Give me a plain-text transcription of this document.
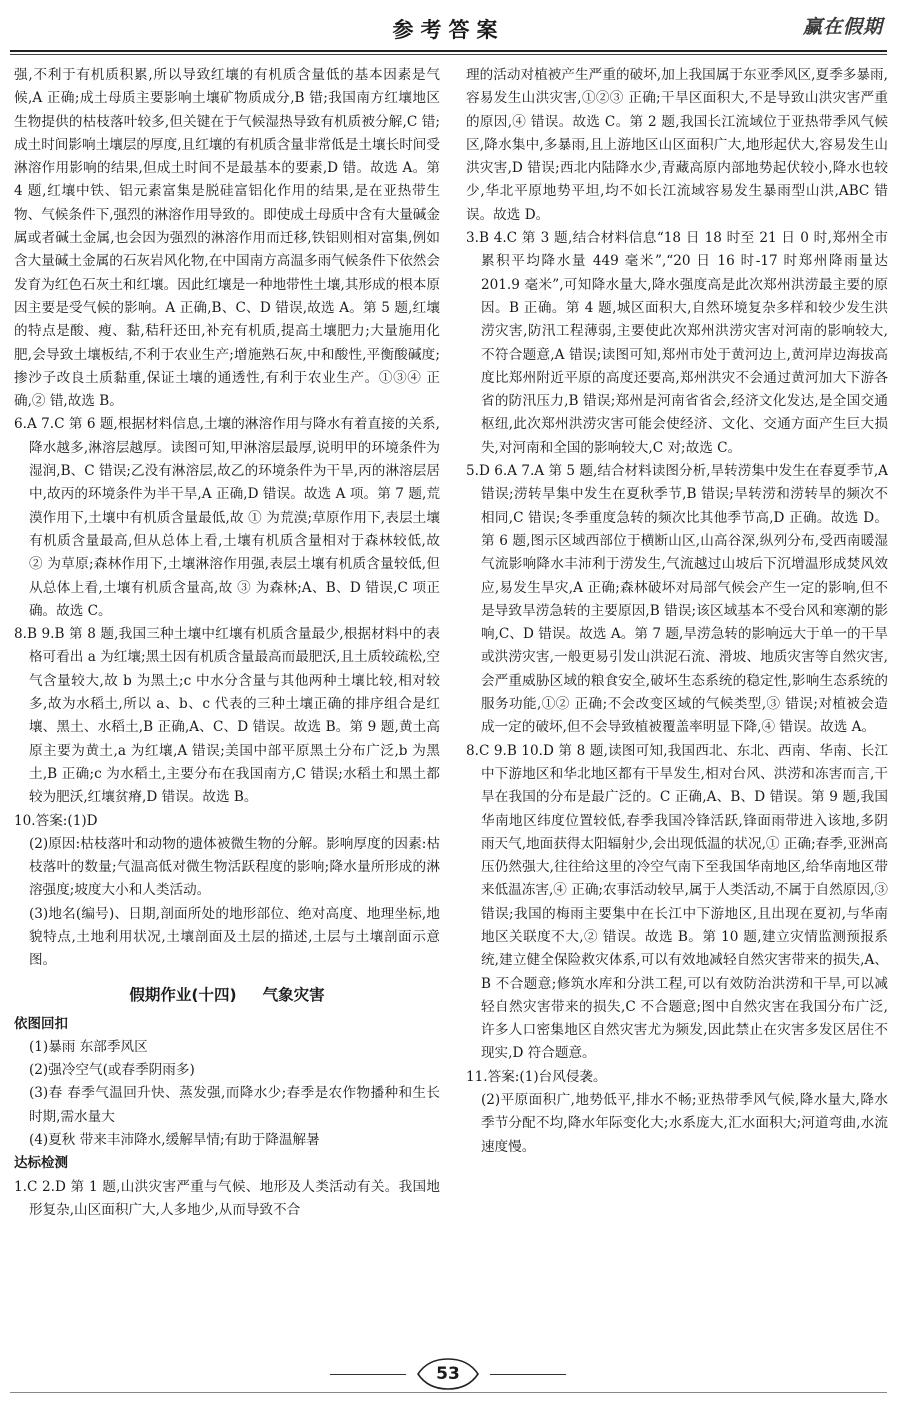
参考答案	赢在假期

强,不利于有机质积累,所以导致红壤的有机质含量低的基本因素是气候,A 正确;成土母质主要影响土壤矿物质成分,B 错;我国南方红壤地区生物提供的枯枝落叶较多,但关键在于气候湿热导致有机质被分解,C 错;成土时间影响土壤层的厚度,且红壤的有机质含量非常低是土壤长时间受淋溶作用影响的结果,但成土时间不是最基本的要素,D 错。故选 A。第 4 题,红壤中铁、铝元素富集是脱硅富铝化作用的结果,是在亚热带生物、气候条件下,强烈的淋溶作用导致的。即使成土母质中含有大量碱金属或者碱土金属,也会因为强烈的淋溶作用而迁移,铁铝则相对富集,例如含大量碱土金属的石灰岩风化物,在中国南方高温多雨气候条件下依然会发育为红色石灰土和红壤。因此红壤是一种地带性土壤,其形成的根本原因主要是受气候的影响。A 正确,B、C、D 错误,故选 A。第 5 题,红壤的特点是酸、瘦、黏,秸秆还田,补充有机质,提高土壤肥力;大量施用化肥,会导致土壤板结,不利于农业生产;增施熟石灰,中和酸性,平衡酸碱度;掺沙子改良土质黏重,保证土壤的通透性,有利于农业生产。①③④ 正确,② 错,故选 B。

6.A 7.C 第 6 题,根据材料信息,土壤的淋溶作用与降水有着直接的关系,降水越多,淋溶层越厚。读图可知,甲淋溶层最厚,说明甲的环境条件为湿润,B、C 错误;乙没有淋溶层,故乙的环境条件为干旱,丙的淋溶层居中,故丙的环境条件为半干旱,A 正确,D 错误。故选 A 项。第 7 题,荒漠作用下,土壤中有机质含量最低,故 ① 为荒漠;草原作用下,表层土壤有机质含量最高,但从总体上看,土壤有机质含量相对于森林较低,故 ② 为草原;森林作用下,土壤淋溶作用强,表层土壤有机质含量较低,但从总体上看,土壤有机质含量高,故 ③ 为森林;A、B、D 错误,C 项正确。故选 C。

8.B 9.B 第 8 题,我国三种土壤中红壤有机质含量最少,根据材料中的表格可看出 a 为红壤;黑土因有机质含量最高而最肥沃,且土质较疏松,空气含量较大,故 b 为黑土;c 中水分含量与其他两种土壤比较,相对较多,故为水稻土,所以 a、b、c 代表的三种土壤正确的排序组合是红壤、黑土、水稻土,B 正确,A、C、D 错误。故选 B。第 9 题,黄土高原主要为黄土,a 为红壤,A 错误;美国中部平原黑土分布广泛,b 为黑土,B 正确;c 为水稻土,主要分布在我国南方,C 错误;水稻土和黑土都较为肥沃,红壤贫瘠,D 错误。故选 B。

10.答案:(1)D

(2)原因:枯枝落叶和动物的遗体被微生物的分解。影响厚度的因素:枯枝落叶的数量;气温高低对微生物活跃程度的影响;降水量所形成的淋溶强度;坡度大小和人类活动。

(3)地名(编号)、日期,剖面所处的地形部位、绝对高度、地理坐标,地貌特点,土地利用状况,土壤剖面及土层的描述,土层与土壤剖面示意图。

假期作业(十四) 气象灾害

依图回扣

(1)暴雨 东部季风区

(2)强冷空气(或春季阴雨多)

(3)春 春季气温回升快、蒸发强,而降水少;春季是农作物播种和生长时期,需水量大

(4)夏秋 带来丰沛降水,缓解旱情;有助于降温解暑

达标检测

1.C 2.D 第 1 题,山洪灾害严重与气候、地形及人类活动有关。我国地形复杂,山区面积广大,人多地少,从而导致不合

理的活动对植被产生严重的破坏,加上我国属于东亚季风区,夏季多暴雨,容易发生山洪灾害,①②③ 正确;干旱区面积大,不是导致山洪灾害严重的原因,④ 错误。故选 C。第 2 题,我国长江流域位于亚热带季风气候区,降水集中,多暴雨,且上游地区山区面积广大,地形起伏大,容易发生山洪灾害,D 错误;西北内陆降水少,青藏高原内部地势起伏较小,降水也较少,华北平原地势平坦,均不如长江流域容易发生暴雨型山洪,ABC 错误。故选 D。

3.B 4.C 第 3 题,结合材料信息“18 日 18 时至 21 日 0 时,郑州全市累积平均降水量 449 毫米”,“20 日 16 时-17 时郑州降雨量达 201.9 毫米”,可知降水量大,降水强度高是此次郑州洪涝最主要的原因。B 正确。第 4 题,城区面积大,自然环境复杂多样和较少发生洪涝灾害,防汛工程薄弱,主要使此次郑州洪涝灾害对河南的影响较大,不符合题意,A 错误;读图可知,郑州市处于黄河边上,黄河岸边海拔高度比郑州附近平原的高度还要高,郑州洪灾不会通过黄河加大下游各省的防汛压力,B 错误;郑州是河南省省会,经济文化发达,是全国交通枢纽,此次郑州洪涝灾害可能会使经济、文化、交通方面产生巨大损失,对河南和全国的影响较大,C 对;故选 C。

5.D 6.A 7.A 第 5 题,结合材料读图分析,旱转涝集中发生在春夏季节,A 错误;涝转旱集中发生在夏秋季节,B 错误;旱转涝和涝转旱的频次不相同,C 错误;冬季重度急转的频次比其他季节高,D 正确。故选 D。第 6 题,图示区域西部位于横断山区,山高谷深,纵列分布,受西南暖湿气流影响降水丰沛利于涝发生,气流越过山坡后下沉增温形成焚风效应,易发生旱灾,A 正确;森林破坏对局部气候会产生一定的影响,但不是导致旱涝急转的主要原因,B 错误;该区域基本不受台风和寒潮的影响,C、D 错误。故选 A。第 7 题,旱涝急转的影响远大于单一的干旱或洪涝灾害,一般更易引发山洪泥石流、滑坡、地质灾害等自然灾害,会严重威胁区域的粮食安全,破坏生态系统的稳定性,影响生态系统的服务功能,①② 正确;不会改变区域的气候类型,③ 错误;对植被会造成一定的破坏,但不会导致植被覆盖率明显下降,④ 错误。故选 A。

8.C 9.B 10.D 第 8 题,读图可知,我国西北、东北、西南、华南、长江中下游地区和华北地区都有干旱发生,相对台风、洪涝和冻害而言,干旱在我国的分布是最广泛的。C 正确,A、B、D 错误。第 9 题,我国华南地区纬度位置较低,春季我国冷锋活跃,锋面雨带进入该地,多阴雨天气,地面获得太阳辐射少,会出现低温的状况,① 正确;春季,亚洲高压仍然强大,往往给这里的冷空气南下至我国华南地区,给华南地区带来低温冻害,④ 正确;农事活动较早,属于人类活动,不属于自然原因,③ 错误;我国的梅雨主要集中在长江中下游地区,且出现在夏初,与华南地区关联度不大,② 错误。故选 B。第 10 题,建立灾情监测预报系统,建立健全保险救灾体系,可以有效地减轻自然灾害带来的损失,A、B 不合题意;修筑水库和分洪工程,可以有效防治洪涝和干旱,可以减轻自然灾害带来的损失,C 不合题意;图中自然灾害在我国分布广泛,许多人口密集地区自然灾害尤为频发,因此禁止在灾害多发区居住不现实,D 符合题意。

11.答案:(1)台风侵袭。

(2)平原面积广,地势低平,排水不畅;亚热带季风气候,降水量大,降水季节分配不均,降水年际变化大;水系庞大,汇水面积大;河道弯曲,水流速度慢。

53
